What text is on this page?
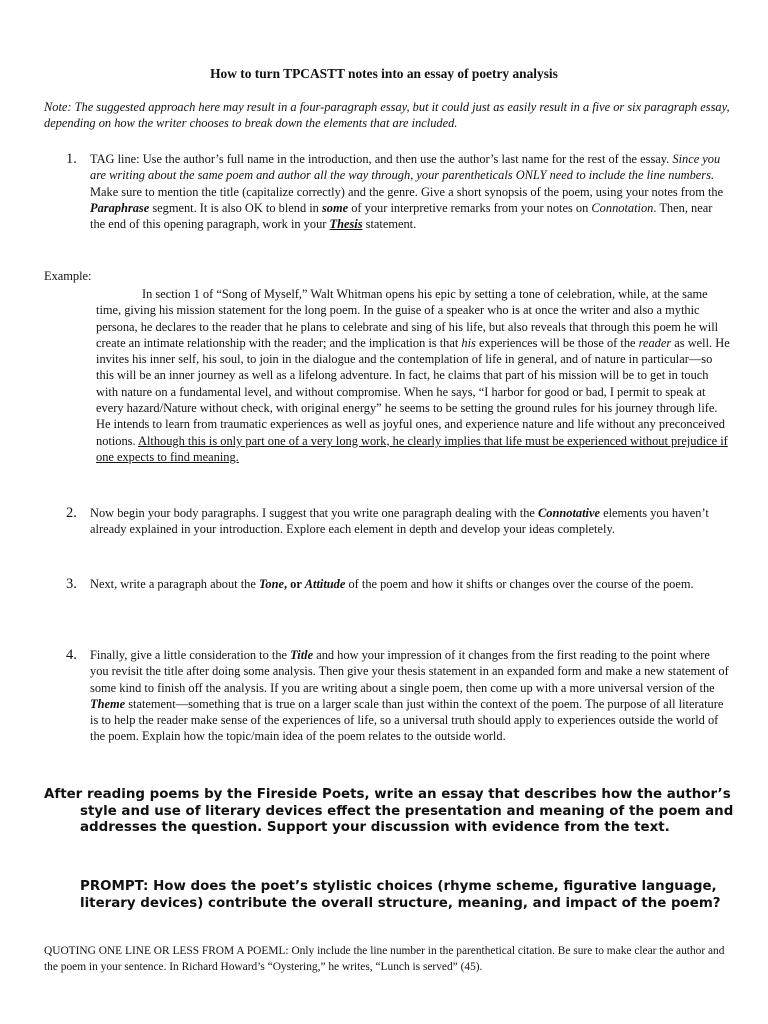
How to turn TPCASTT notes into an essay of poetry analysis
Note: The suggested approach here may result in a four-paragraph essay, but it could just as easily result in a five or six paragraph essay, depending on how the writer chooses to break down the elements that are included.
1. TAG line: Use the author’s full name in the introduction, and then use the author’s last name for the rest of the essay. Since you are writing about the same poem and author all the way through, your parentheticals ONLY need to include the line numbers. Make sure to mention the title (capitalize correctly) and the genre. Give a short synopsis of the poem, using your notes from the Paraphrase segment. It is also OK to blend in some of your interpretive remarks from your notes on Connotation. Then, near the end of this opening paragraph, work in your Thesis statement.
Example:
In section 1 of “Song of Myself,” Walt Whitman opens his epic by setting a tone of celebration, while, at the same time, giving his mission statement for the long poem. In the guise of a speaker who is at once the writer and also a mythic persona, he declares to the reader that he plans to celebrate and sing of his life, but also reveals that through this poem he will create an intimate relationship with the reader; and the implication is that his experiences will be those of the reader as well. He invites his inner self, his soul, to join in the dialogue and the contemplation of life in general, and of nature in particular—so this will be an inner journey as well as a lifelong adventure. In fact, he claims that part of his mission will be to get in touch with nature on a fundamental level, and without compromise. When he says, “I harbor for good or bad, I permit to speak at every hazard/Nature without check, with original energy” he seems to be setting the ground rules for his journey through life. He intends to learn from traumatic experiences as well as joyful ones, and experience nature and life without any preconceived notions. Although this is only part one of a very long work, he clearly implies that life must be experienced without prejudice if one expects to find meaning.
2. Now begin your body paragraphs. I suggest that you write one paragraph dealing with the Connotative elements you haven’t already explained in your introduction. Explore each element in depth and develop your ideas completely.
3. Next, write a paragraph about the Tone, or Attitude of the poem and how it shifts or changes over the course of the poem.
4. Finally, give a little consideration to the Title and how your impression of it changes from the first reading to the point where you revisit the title after doing some analysis. Then give your thesis statement in an expanded form and make a new statement of some kind to finish off the analysis. If you are writing about a single poem, then come up with a more universal version of the Theme statement—something that is true on a larger scale than just within the context of the poem. The purpose of all literature is to help the reader make sense of the experiences of life, so a universal truth should apply to experiences outside the world of the poem. Explain how the topic/main idea of the poem relates to the outside world.
After reading poems by the Fireside Poets, write an essay that describes how the author’s style and use of literary devices effect the presentation and meaning of the poem and addresses the question. Support your discussion with evidence from the text.
PROMPT: How does the poet’s stylistic choices (rhyme scheme, figurative language, literary devices) contribute the overall structure, meaning, and impact of the poem?
QUOTING ONE LINE OR LESS FROM A POEML: Only include the line number in the parenthetical citation. Be sure to make clear the author and the poem in your sentence. In Richard Howard’s “Oystering,” he writes, “Lunch is served” (45).
